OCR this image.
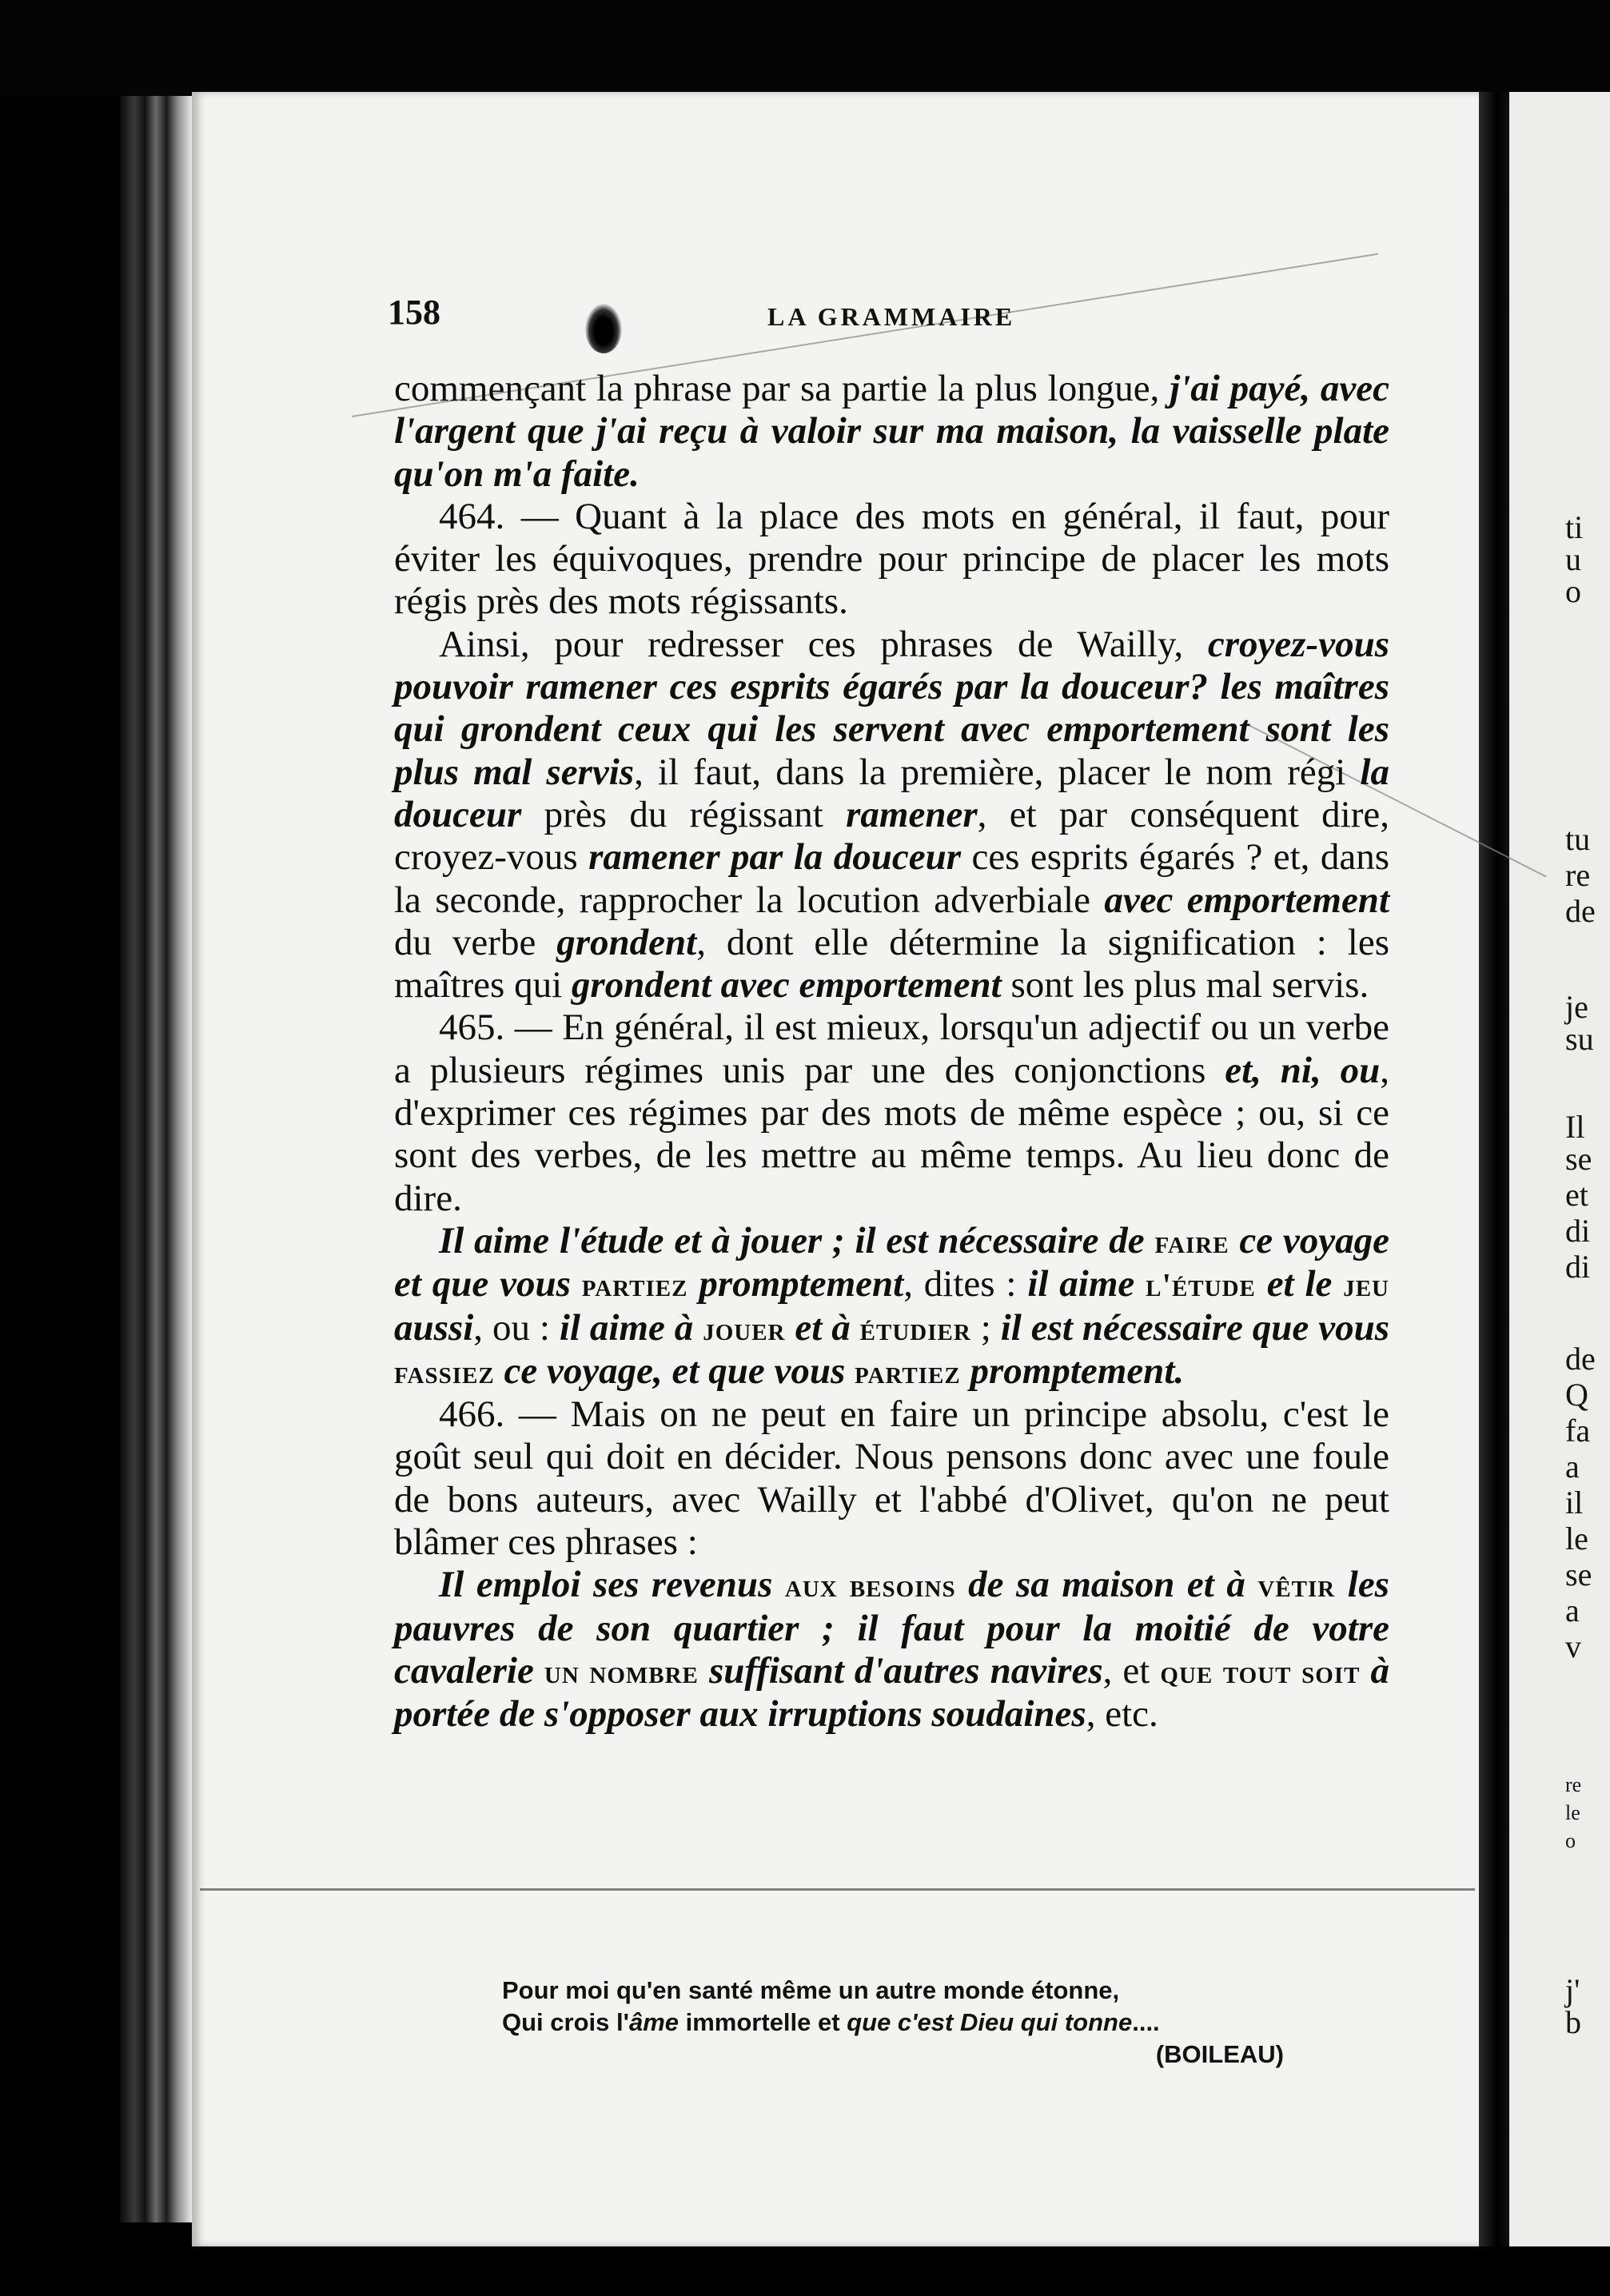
ti
u
o
tu
re
de
je
su
Il
se
et
di
di
de
Q
fa
a
il
le
se
a
v
re
le
o
j'
b
158	LA GRAMMAIRE

commençant la phrase par sa partie la plus longue, j'ai payé, avec l'argent que j'ai reçu à valoir sur ma maison, la vaisselle plate qu'on m'a faite.

464. — Quant à la place des mots en général, il faut, pour éviter les équivoques, prendre pour principe de placer les mots régis près des mots régissants.

Ainsi, pour redresser ces phrases de Wailly, croyez-vous pouvoir ramener ces esprits égarés par la douceur? les maîtres qui grondent ceux qui les servent avec emportement sont les plus mal servis, il faut, dans la première, placer le nom régi la douceur près du régissant ramener, et par conséquent dire, croyez-vous ramener par la douceur ces esprits égarés ? et, dans la seconde, rapprocher la locution adverbiale avec emportement du verbe grondent, dont elle détermine la signification : les maîtres qui grondent avec emportement sont les plus mal servis.

465. — En général, il est mieux, lorsqu'un adjectif ou un verbe a plusieurs régimes unis par une des conjonctions et, ni, ou, d'exprimer ces régimes par des mots de même espèce ; ou, si ce sont des verbes, de les mettre au même temps. Au lieu donc de dire.

Il aime l'étude et à jouer ; il est nécessaire de faire ce voyage et que vous partiez promptement, dites : il aime l'étude et le jeu aussi, ou : il aime à jouer et à étudier ; il est nécessaire que vous fassiez ce voyage, et que vous partiez promptement.

466. — Mais on ne peut en faire un principe absolu, c'est le goût seul qui doit en décider. Nous pensons donc avec une foule de bons auteurs, avec Wailly et l'abbé d'Olivet, qu'on ne peut blâmer ces phrases :

Il emploi ses revenus aux besoins de sa maison et à vêtir les pauvres de son quartier ; il faut pour la moitié de votre cavalerie un nombre suffisant d'autres navires, et que tout soit à portée de s'opposer aux irruptions soudaines, etc.

Pour moi qu'en santé même un autre monde étonne,
Qui crois l'âme immortelle et que c'est Dieu qui tonne....
(BOILEAU)
